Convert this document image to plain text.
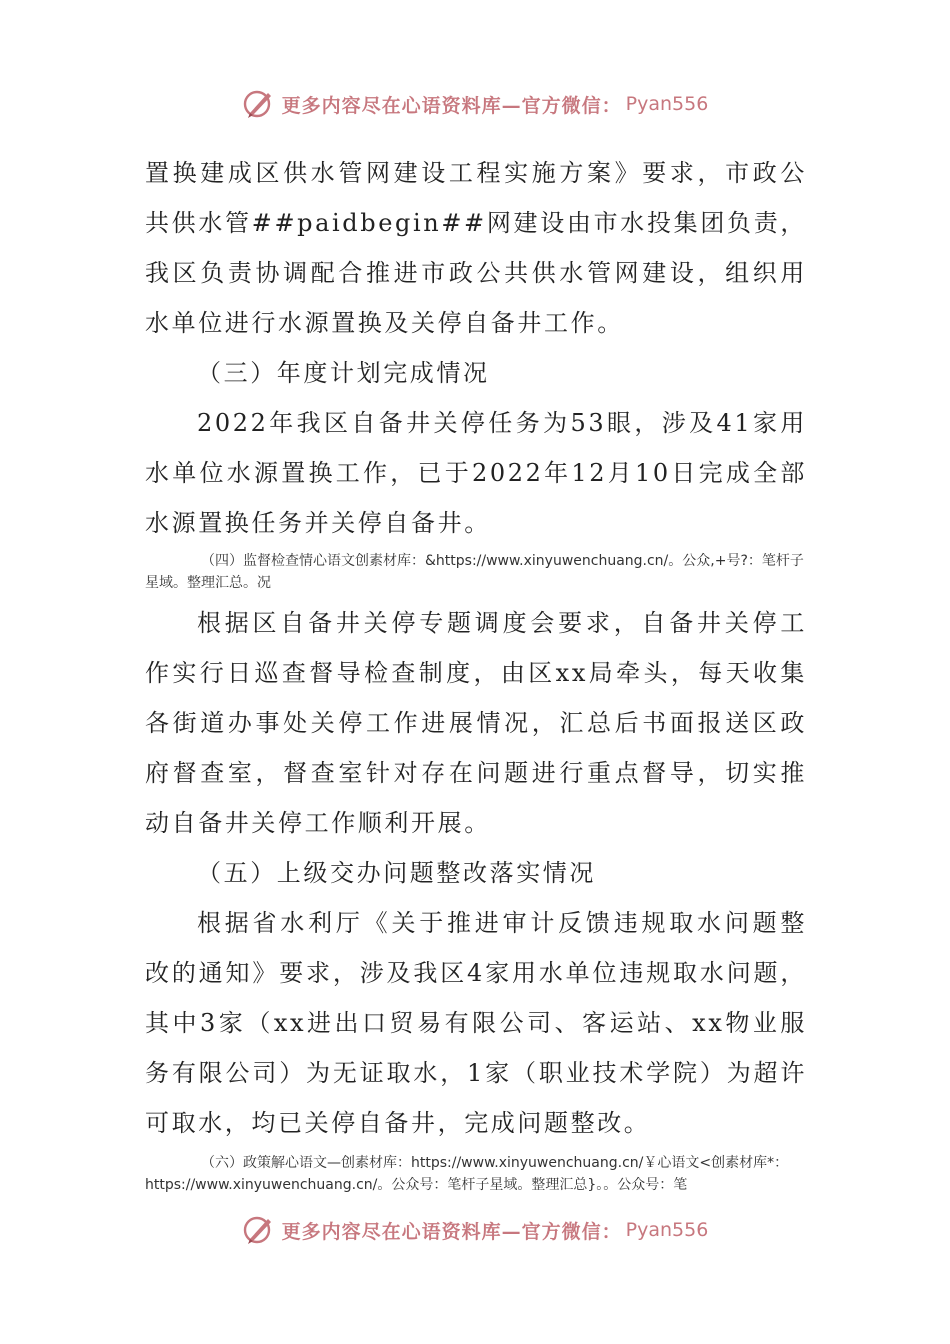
更多内容尽在心语资料库—官方微信： Pyan556

置换建成区供水管网建设工程实施方案》要求，市政公共供水管##paidbegin##网建设由市水投集团负责，我区负责协调配合推进市政公共供水管网建设，组织用水单位进行水源置换及关停自备井工作。

（三）年度计划完成情况

2022年我区自备井关停任务为53眼，涉及41家用水单位水源置换工作，已于2022年12月10日完成全部水源置换任务并关停自备井。

（四）监督检查情心语文创素材库：&https://www.xinyuwenchuang.cn/。公众,+号?：笔杆子星域。整理汇总。况

根据区自备井关停专题调度会要求，自备井关停工作实行日巡查督导检查制度，由区xx局牵头，每天收集各街道办事处关停工作进展情况，汇总后书面报送区政府督查室，督查室针对存在问题进行重点督导，切实推动自备井关停工作顺利开展。

（五）上级交办问题整改落实情况

根据省水利厅《关于推进审计反馈违规取水问题整改的通知》要求，涉及我区4家用水单位违规取水问题，其中3家（xx进出口贸易有限公司、客运站、xx物业服务有限公司）为无证取水，1家（职业技术学院）为超许可取水，均已关停自备井，完成问题整改。

（六）政策解心语文—创素材库：https://www.xinyuwenchuang.cn/￥心语文<创素材库*：https://www.xinyuwenchuang.cn/。公众号：笔杆子星域。整理汇总}。。公众号：笔

更多内容尽在心语资料库—官方微信： Pyan556
